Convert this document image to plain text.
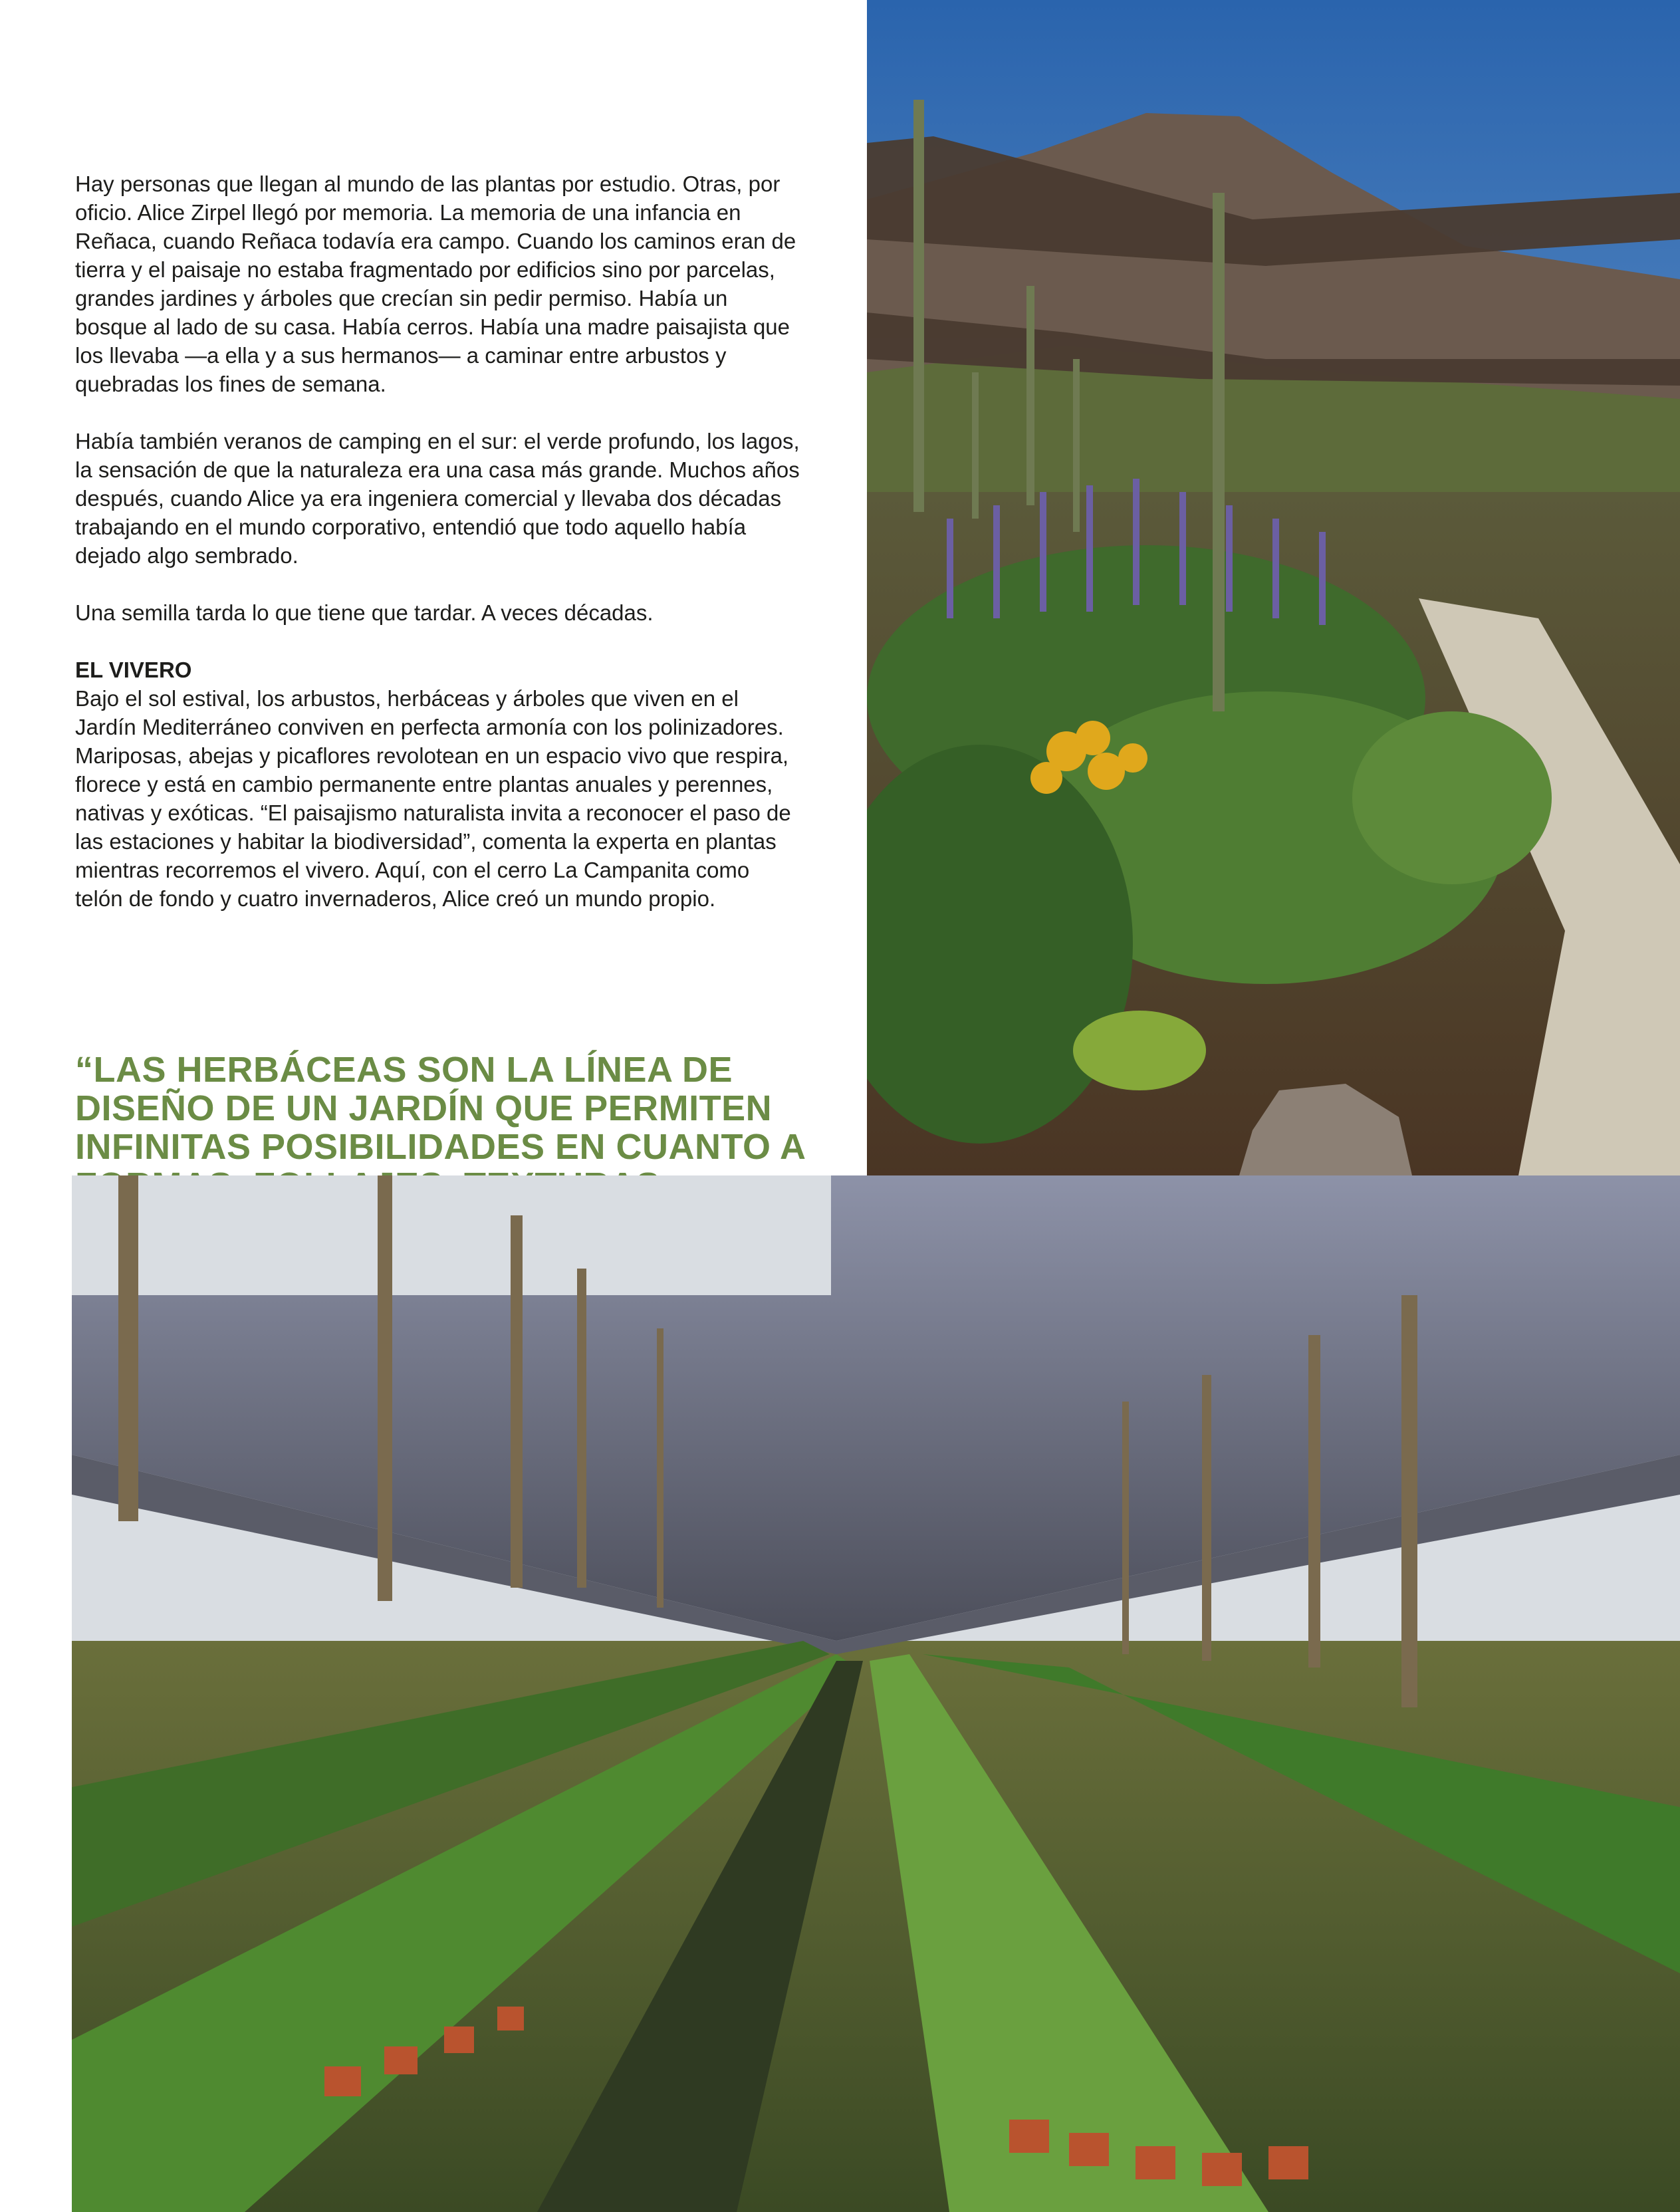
Hay personas que llegan al mundo de las plantas por estudio. Otras, por oficio. Alice Zirpel llegó por memoria. La memoria de una infancia en Reñaca, cuando Reñaca todavía era campo. Cuando los caminos eran de tierra y el paisaje no estaba fragmentado por edificios sino por parcelas, grandes jardines y árboles que crecían sin pedir permiso. Había un bosque al lado de su casa. Había cerros. Había una madre paisajista que los llevaba —a ella y a sus hermanos— a caminar entre arbustos y quebradas los fines de semana.

Había también veranos de camping en el sur: el verde profundo, los lagos, la sensación de que la naturaleza era una casa más grande. Muchos años después, cuando Alice ya era ingeniera comercial y llevaba dos décadas trabajando en el mundo corporativo, entendió que todo aquello había dejado algo sembrado.

Una semilla tarda lo que tiene que tardar. A veces décadas.

EL VIVERO

Bajo el sol estival, los arbustos, herbáceas y árboles que viven en el Jardín Mediterráneo conviven en perfecta armonía con los polinizadores. Mariposas, abejas y picaflores revolotean en un espacio vivo que respira, florece y está en cambio permanente entre plantas anuales y perennes, nativas y exóticas. “El paisajismo naturalista invita a reconocer el paso de las estaciones y habitar la biodiversidad”, comenta la experta en plantas mientras recorremos el vivero. Aquí, con el cerro La Campanita como telón de fondo y cuatro invernaderos, Alice creó un mundo propio.

“LAS HERBÁCEAS SON LA LÍNEA DE DISEÑO DE UN JARDÍN QUE PERMITEN INFINITAS POSIBILIDADES EN CUANTO A
